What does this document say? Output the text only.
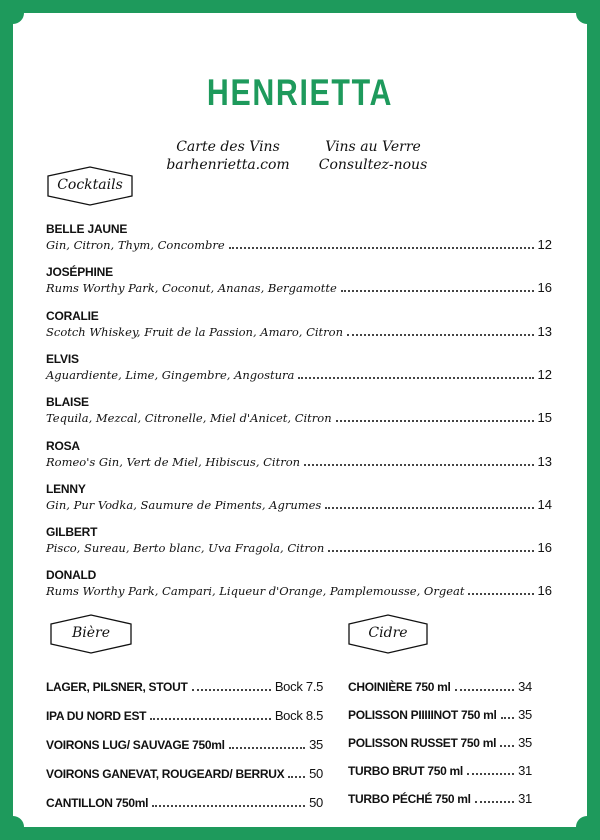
HENRIETTA
Carte des Vins
barhenrietta.com
Vins au Verre
Consultez-nous
Cocktails
BELLE JAUNE
Gin, Citron, Thym, Concombre	12
JOSÉPHINE
Rums Worthy Park, Coconut, Ananas, Bergamotte	16
CORALIE
Scotch Whiskey, Fruit de la Passion, Amaro, Citron	13
ELVIS
Aguardiente, Lime, Gingembre, Angostura	12
BLAISE
Tequila, Mezcal, Citronelle, Miel d'Anicet, Citron	15
ROSA
Romeo's Gin, Vert de Miel, Hibiscus, Citron	13
LENNY
Gin, Pur Vodka, Saumure de Piments, Agrumes	14
GILBERT
Pisco, Sureau, Berto blanc, Uva Fragola, Citron	16
DONALD
Rums Worthy Park, Campari, Liqueur d'Orange, Pamplemousse, Orgeat	16
Bière	Cidre
LAGER, PILSNER, STOUT	Bock 7.5
IPA DU NORD EST	Bock 8.5
VOIRONS LUG/ SAUVAGE 750ml	35
VOIRONS GANEVAT, ROUGEARD/ BERRUX 50
CANTILLON 750ml	50
CHOINIÈRE 750 ml	34
POLISSON PIIIIINOT 750 ml 35
POLISSON RUSSET 750 ml 35
TURBO BRUT 750 ml	31
TURBO PÉCHÉ 750 ml	31
